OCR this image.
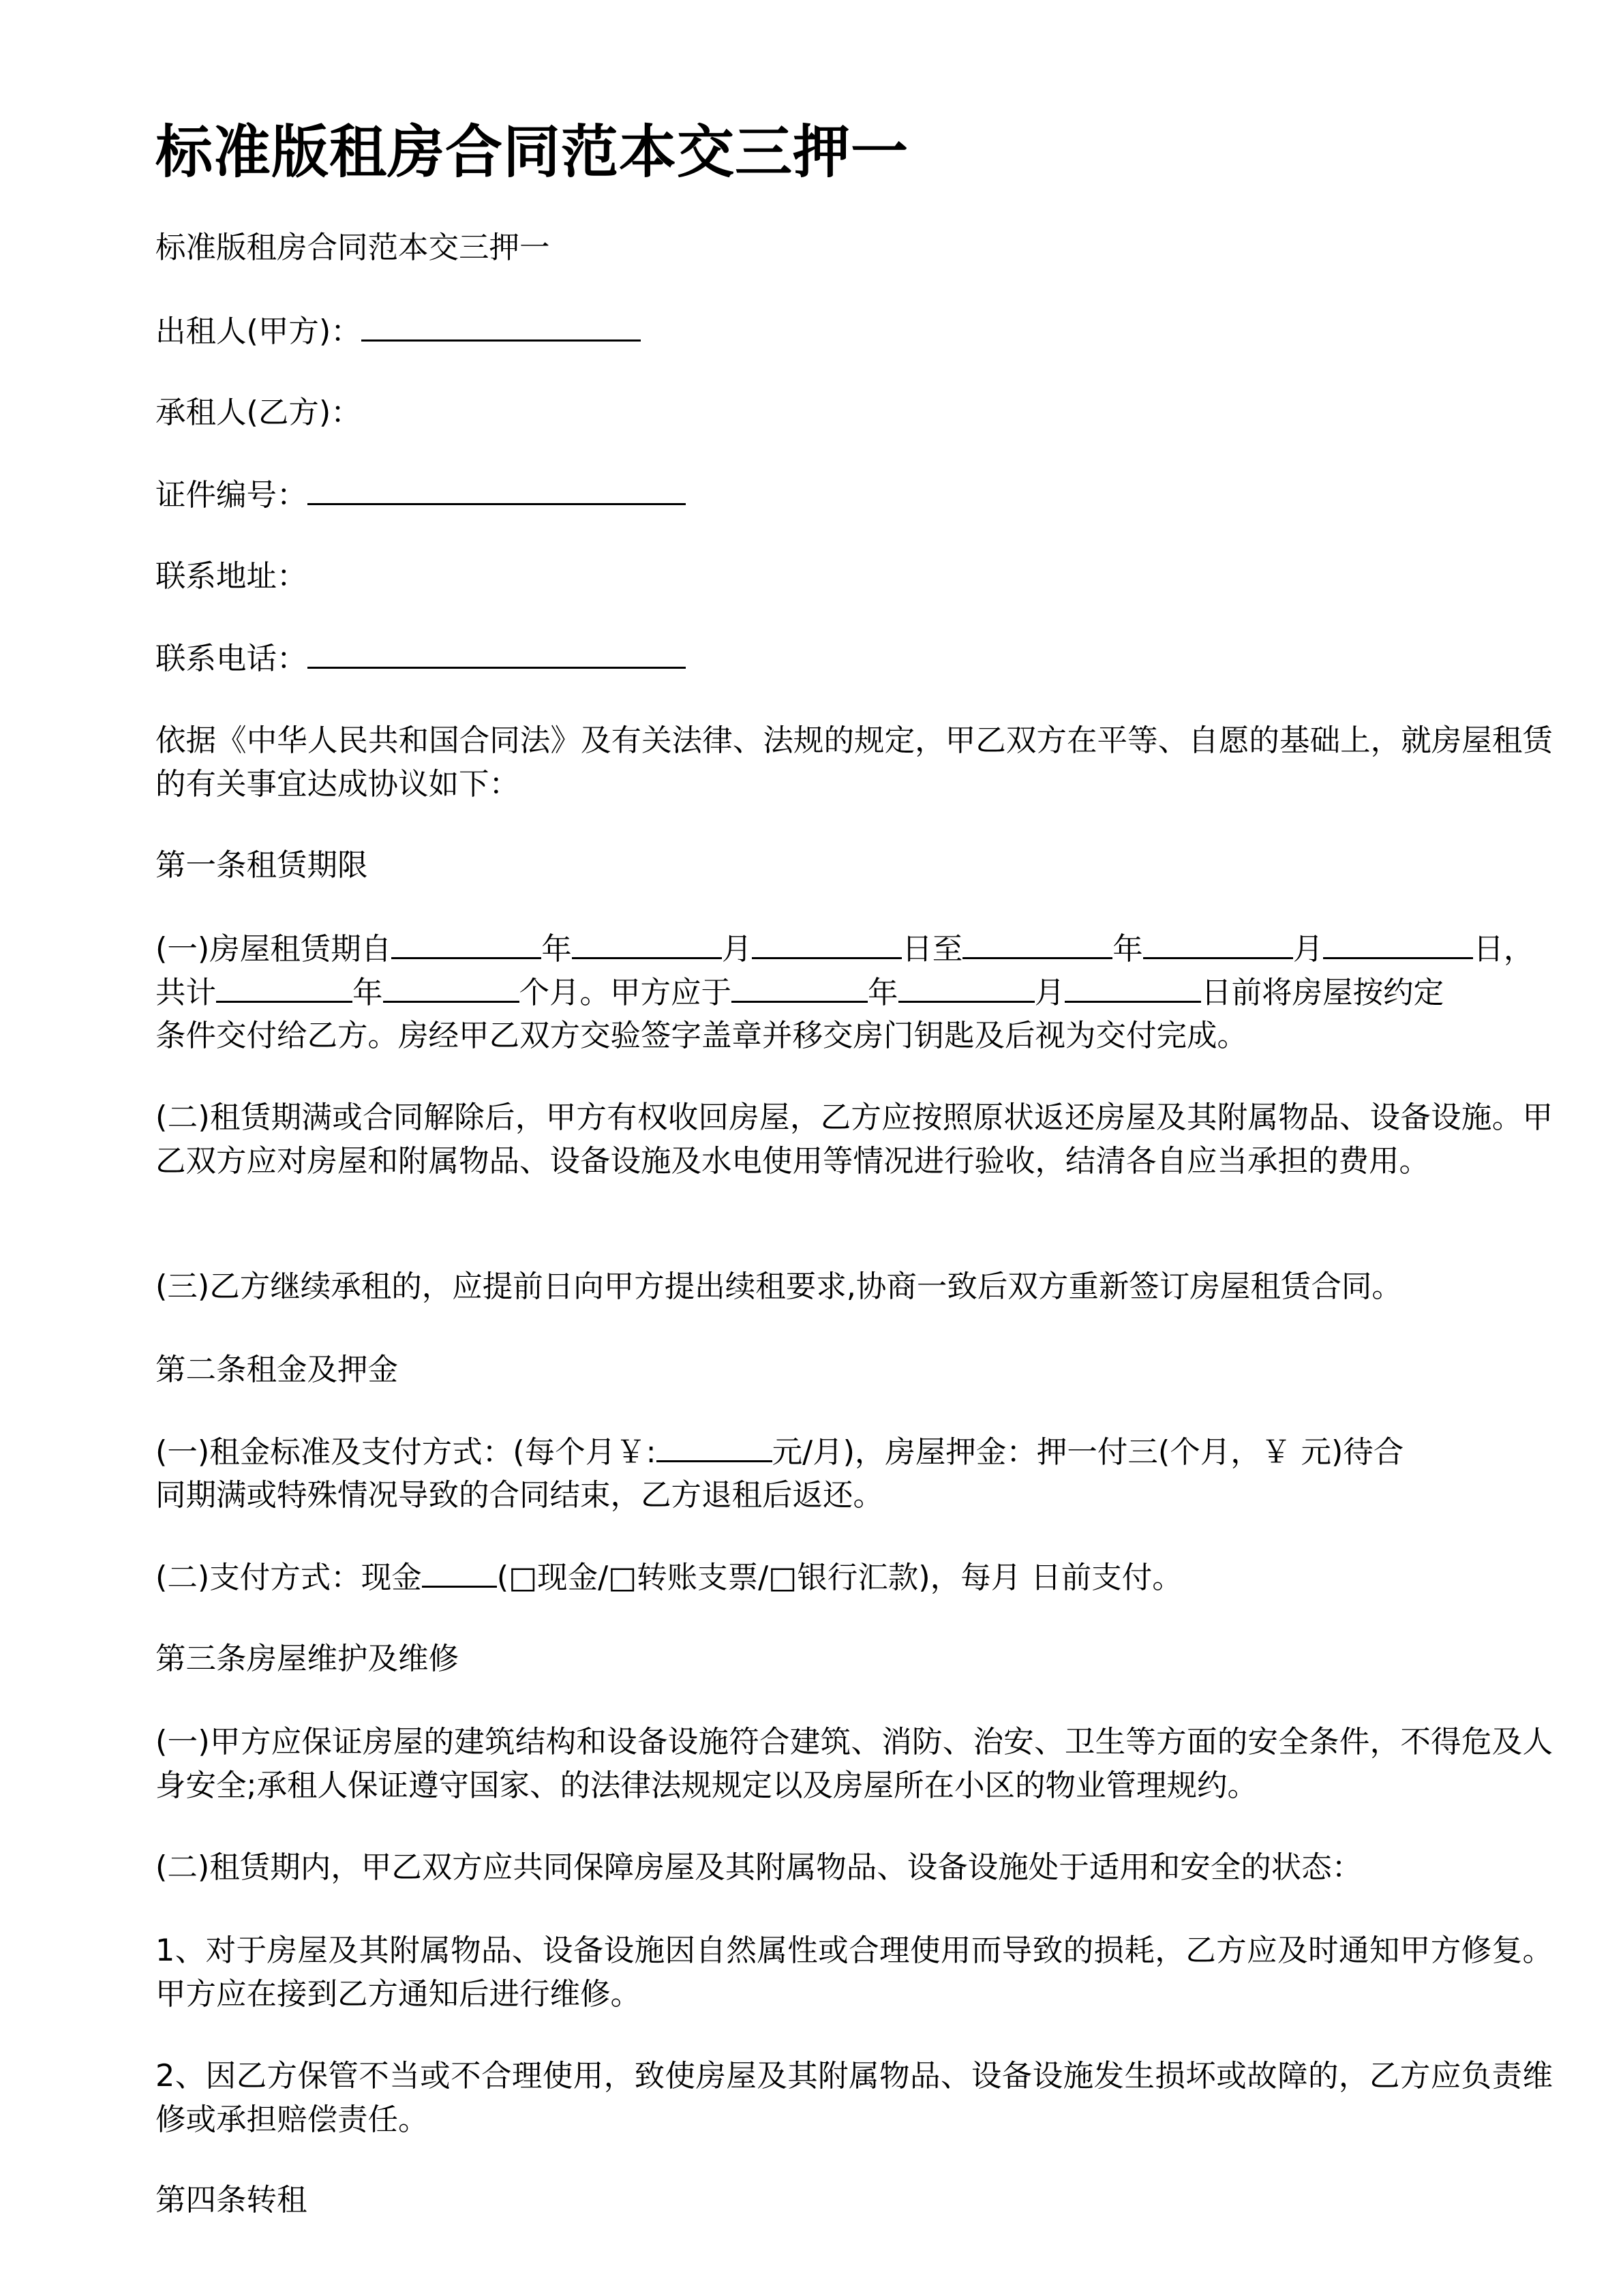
标准版租房合同范本交三押一

标准版租房合同范本交三押一

出租人(甲方)：

承租人(乙方)：

证件编号：

联系地址：

联系电话：

依据《中华人民共和国合同法》及有关法律、法规的规定，甲乙双方在平等、自愿的基础上，就房屋租赁的有关事宜达成协议如下：

第一条租赁期限

(一)房屋租赁期自	年	月	日至	年	月	日，

共计	年	个月。甲方应于	年	月	日前将房屋按约定

条件交付给乙方。房经甲乙双方交验签字盖章并移交房门钥匙及后视为交付完成。

(二)租赁期满或合同解除后，甲方有权收回房屋，乙方应按照原状返还房屋及其附属物品、设备设施。甲乙双方应对房屋和附属物品、设备设施及水电使用等情况进行验收，结清各自应当承担的费用。

(三)乙方继续承租的，应提前日向甲方提出续租要求,协商一致后双方重新签订房屋租赁合同。

第二条租金及押金

(一)租金标准及支付方式：(每个月￥:	元/月)，房屋押金：押一付三(个月，￥ 元)待合

同期满或特殊情况导致的合同结束，乙方退租后返还。

(二)支付方式：现金 (□现金/□转账支票/□银行汇款)，每月 日前支付。

第三条房屋维护及维修

(一)甲方应保证房屋的建筑结构和设备设施符合建筑、消防、治安、卫生等方面的安全条件，不得危及人身安全;承租人保证遵守国家、的法律法规规定以及房屋所在小区的物业管理规约。

(二)租赁期内，甲乙双方应共同保障房屋及其附属物品、设备设施处于适用和安全的状态：

1、对于房屋及其附属物品、设备设施因自然属性或合理使用而导致的损耗，乙方应及时通知甲方修复。甲方应在接到乙方通知后进行维修。

2、因乙方保管不当或不合理使用，致使房屋及其附属物品、设备设施发生损坏或故障的，乙方应负责维修或承担赔偿责任。

第四条转租
